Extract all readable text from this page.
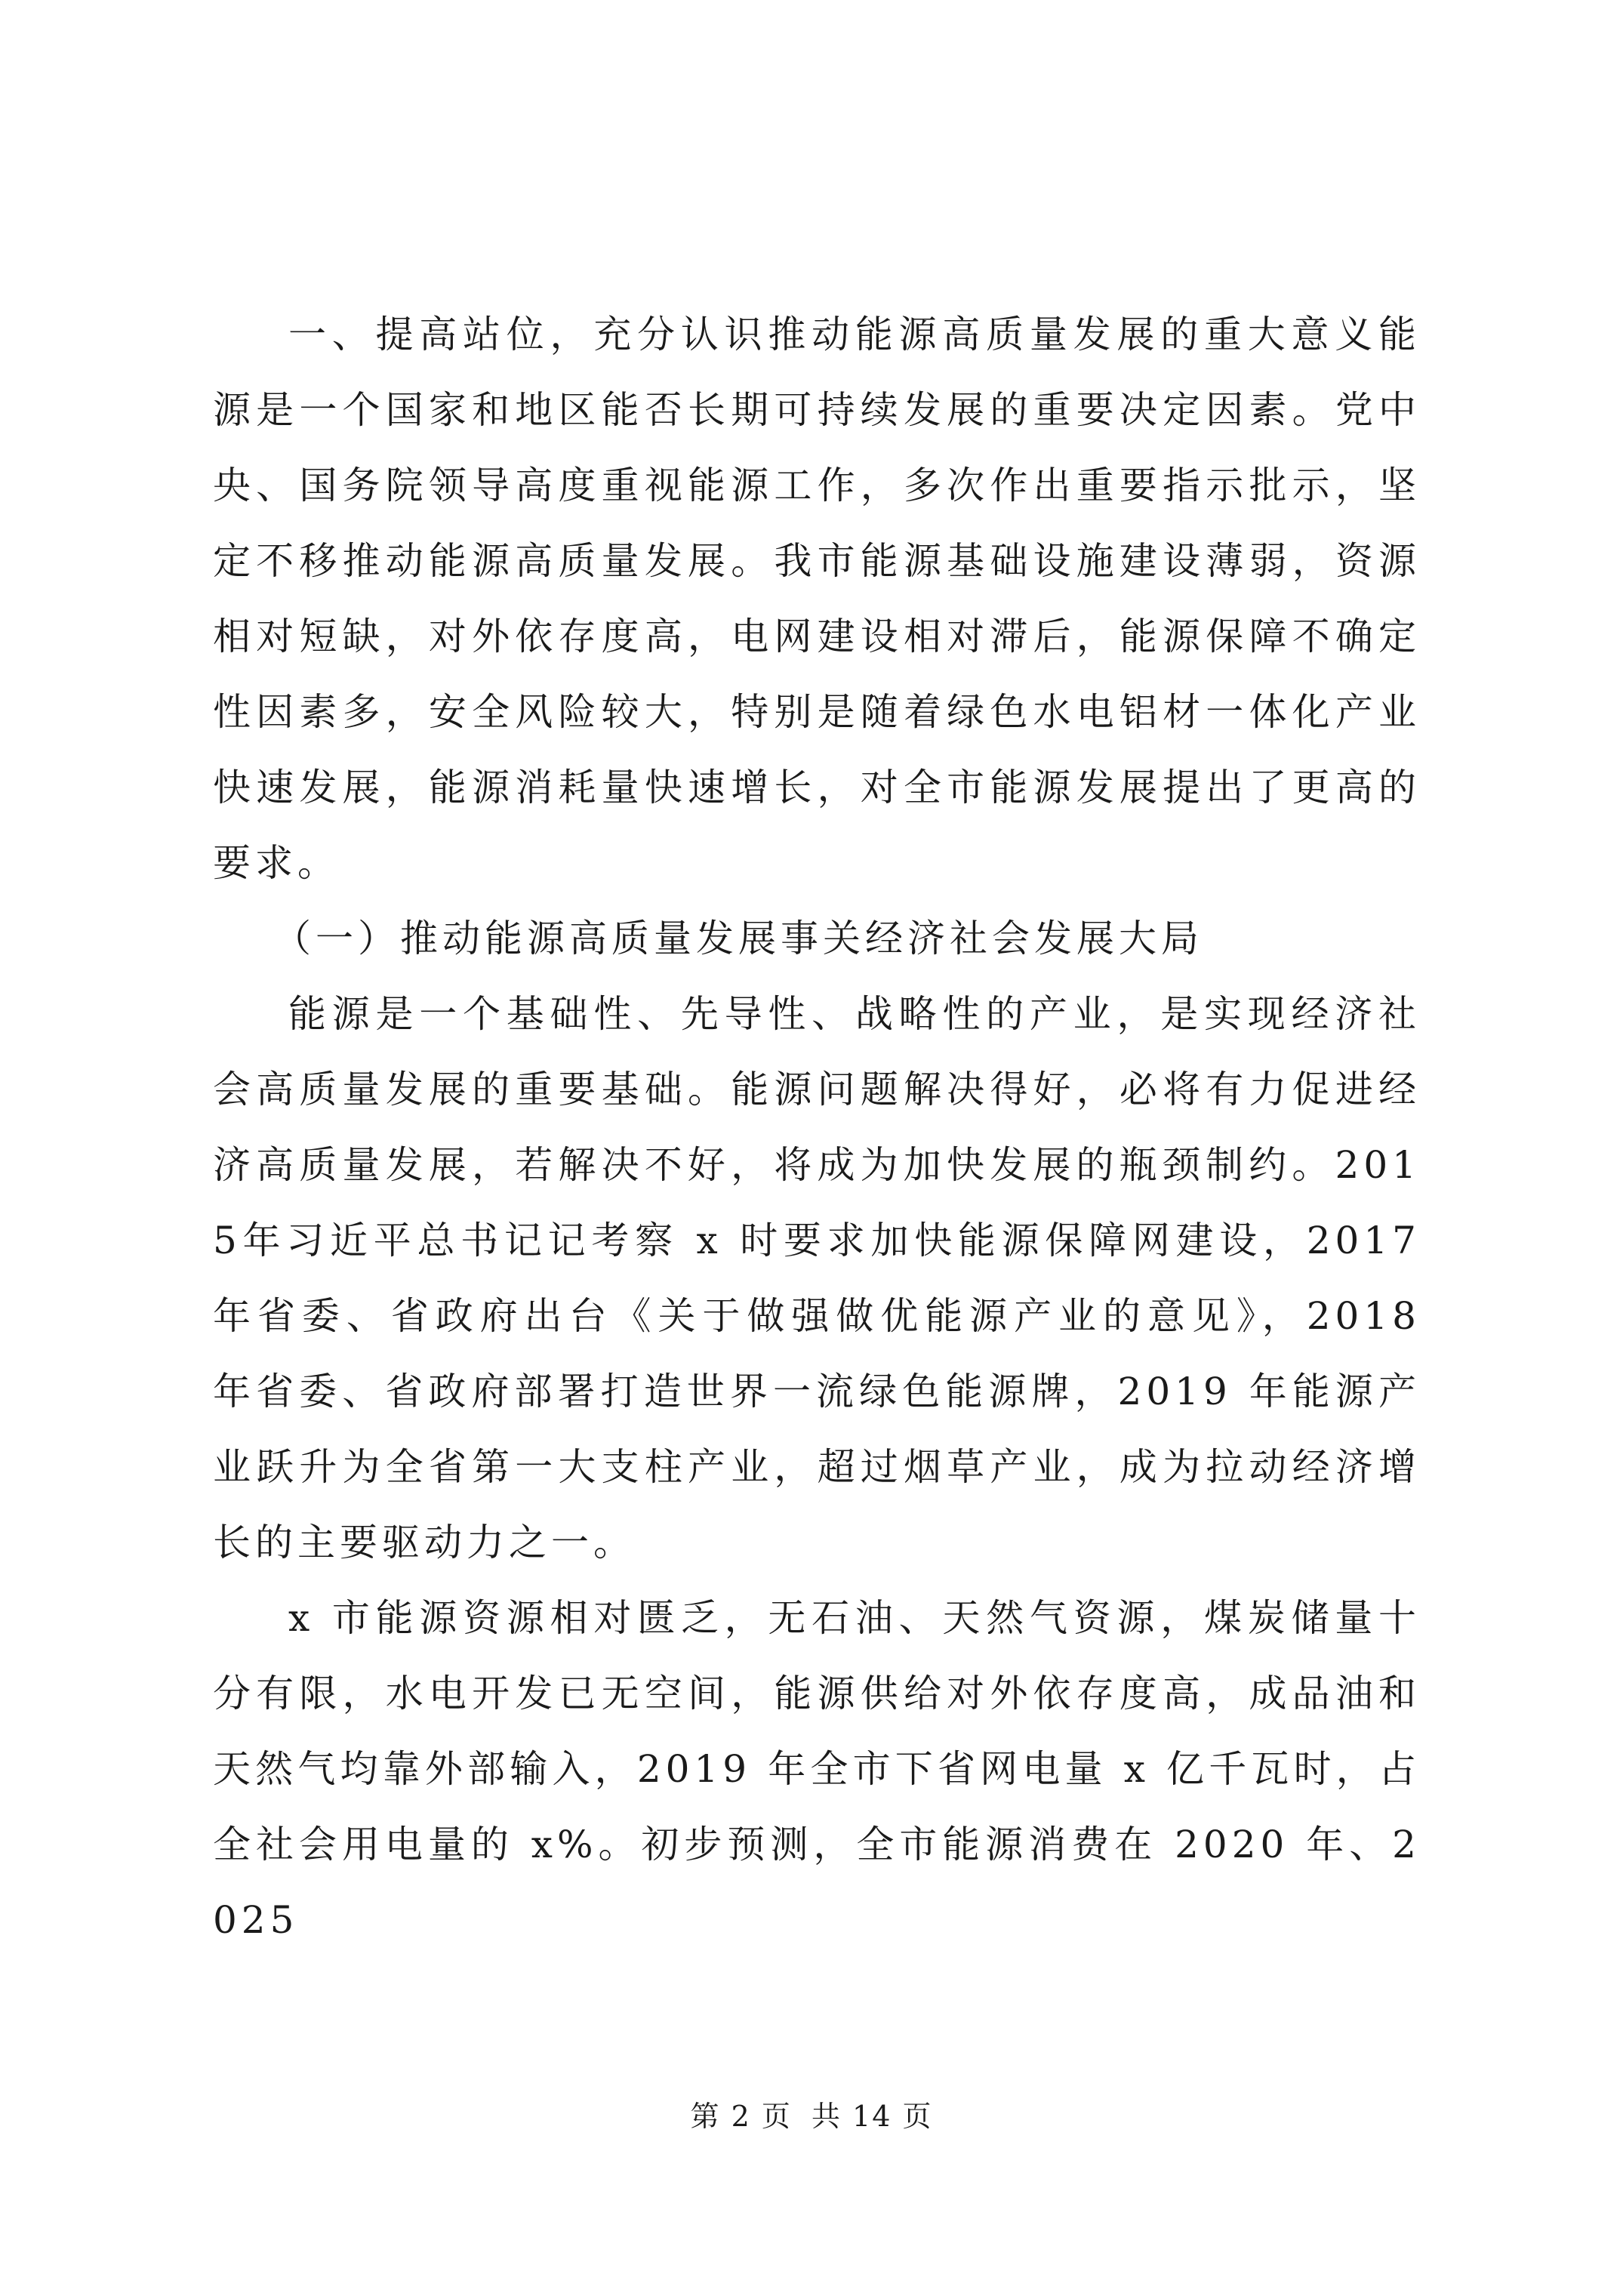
一、提高站位，充分认识推动能源高质量发展的重大意义能源是一个国家和地区能否长期可持续发展的重要决定因素。党中央、国务院领导高度重视能源工作，多次作出重要指示批示，坚定不移推动能源高质量发展。我市能源基础设施建设薄弱，资源相对短缺，对外依存度高，电网建设相对滞后，能源保障不确定性因素多，安全风险较大，特别是随着绿色水电铝材一体化产业快速发展，能源消耗量快速增长，对全市能源发展提出了更高的要求。

（一）推动能源高质量发展事关经济社会发展大局

能源是一个基础性、先导性、战略性的产业，是实现经济社会高质量发展的重要基础。能源问题解决得好，必将有力促进经济高质量发展，若解决不好，将成为加快发展的瓶颈制约。2015年习近平总书记记考察 x 时要求加快能源保障网建设，2017 年省委、省政府出台《关于做强做优能源产业的意见》，2018 年省委、省政府部署打造世界一流绿色能源牌，2019 年能源产业跃升为全省第一大支柱产业，超过烟草产业，成为拉动经济增长的主要驱动力之一。

x 市能源资源相对匮乏，无石油、天然气资源，煤炭储量十分有限，水电开发已无空间，能源供给对外依存度高，成品油和天然气均靠外部输入，2019 年全市下省网电量 x 亿千瓦时，占全社会用电量的 x%。初步预测，全市能源消费在 2020 年、2025

第 2 页 共 14 页
